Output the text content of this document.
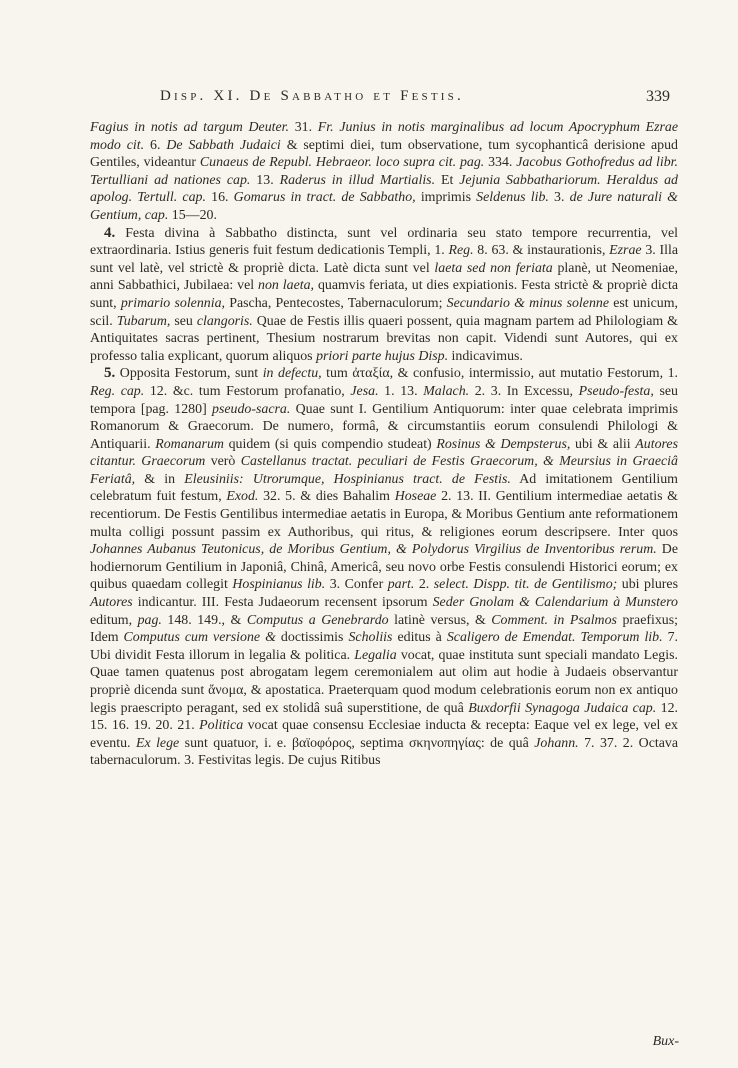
Disp. XI. De Sabbatho et Festis.	339

Fagius in notis ad targum Deuter. 31. Fr. Junius in notis marginalibus ad locum Apocryphum Ezrae modo cit. 6. De Sabbath Judaici & septimi diei, tum observatione, tum sycophanticâ derisione apud Gentiles, videantur Cunaeus de Republ. Hebraeor. loco supra cit. pag. 334. Jacobus Gothofredus ad libr. Tertulliani ad nationes cap. 13. Raderus in illud Martialis. Et Jejunia Sabbathariorum. Heraldus ad apolog. Tertull. cap. 16. Gomarus in tract. de Sabbatho, imprimis Seldenus lib. 3. de Jure naturali & Gentium, cap. 15—20.

4. Festa divina à Sabbatho distincta, sunt vel ordinaria seu stato tempore recurrentia, vel extraordinaria. Istius generis fuit festum dedicationis Templi, 1. Reg. 8. 63. & instaurationis, Ezrae 3. Illa sunt vel latè, vel strictè & propriè dicta. Latè dicta sunt vel laeta sed non feriata planè, ut Neomeniae, anni Sabbathici, Jubilaea: vel non laeta, quamvis feriata, ut dies expiationis. Festa strictè & propriè dicta sunt, primario solennia, Pascha, Pentecostes, Tabernaculorum; Secundario & minus solenne est unicum, scil. Tubarum, seu clangoris. Quae de Festis illis quaeri possent, quia magnam partem ad Philologiam & Antiquitates sacras pertinent, Thesium nostrarum brevitas non capit. Videndi sunt Autores, qui ex professo talia explicant, quorum aliquos priori parte hujus Disp. indicavimus.

5. Opposita Festorum, sunt in defectu, tum ἀταξία, & confusio, intermissio, aut mutatio Festorum, 1. Reg. cap. 12. &c. tum Festorum profanatio, Jesa. 1. 13. Malach. 2. 3. In Excessu, Pseudo-festa, seu tempora [pag. 1280] pseudo-sacra. Quae sunt I. Gentilium Antiquorum: inter quae celebrata imprimis Romanorum & Graecorum. De numero, formâ, & circumstantiis eorum consulendi Philologi & Antiquarii. Romanarum quidem (si quis compendio studeat) Rosinus & Dempsterus, ubi & alii Autores citantur. Graecorum verò Castellanus tractat. peculiari de Festis Graecorum, & Meursius in Graeciâ Feriatâ, & in Eleusiniis: Utrorumque, Hospinianus tract. de Festis. Ad imitationem Gentilium celebratum fuit festum, Exod. 32. 5. & dies Bahalim Hoseae 2. 13. II. Gentilium intermediae aetatis & recentiorum. De Festis Gentilibus intermediae aetatis in Europa, & Moribus Gentium ante reformationem multa colligi possunt passim ex Authoribus, qui ritus, & religiones eorum descripsere. Inter quos Johannes Aubanus Teutonicus, de Moribus Gentium, & Polydorus Virgilius de Inventoribus rerum. De hodiernorum Gentilium in Japoniâ, Chinâ, Americâ, seu novo orbe Festis consulendi Historici eorum; ex quibus quaedam collegit Hospinianus lib. 3. Confer part. 2. select. Dispp. tit. de Gentilismo; ubi plures Autores indicantur. III. Festa Judaeorum recensent ipsorum Seder Gnolam & Calendarium à Munstero editum, pag. 148. 149., & Computus a Genebrardo latinè versus, & Comment. in Psalmos praefixus; Idem Computus cum versione & doctissimis Scholiis editus à Scaligero de Emendat. Temporum lib. 7. Ubi dividit Festa illorum in legalia & politica. Legalia vocat, quae instituta sunt speciali mandato Legis. Quae tamen quatenus post abrogatam legem ceremonialem aut olim aut hodie à Judaeis observantur propriè dicenda sunt ἄνομα, & apostatica. Praeterquam quod modum celebrationis eorum non ex antiquo legis praescripto peragant, sed ex stolidâ suâ superstitione, de quâ Buxdorfii Synagoga Judaica cap. 12. 15. 16. 19. 20. 21. Politica vocat quae consensu Ecclesiae inducta & recepta: Eaque vel ex lege, vel ex eventu. Ex lege sunt quatuor, i. e. βαϊοφόρος, septima σκηνοπηγίας: de quâ Johann. 7. 37. 2. Octava tabernaculorum. 3. Festivitas legis. De cujus Ritibus

Bux-
